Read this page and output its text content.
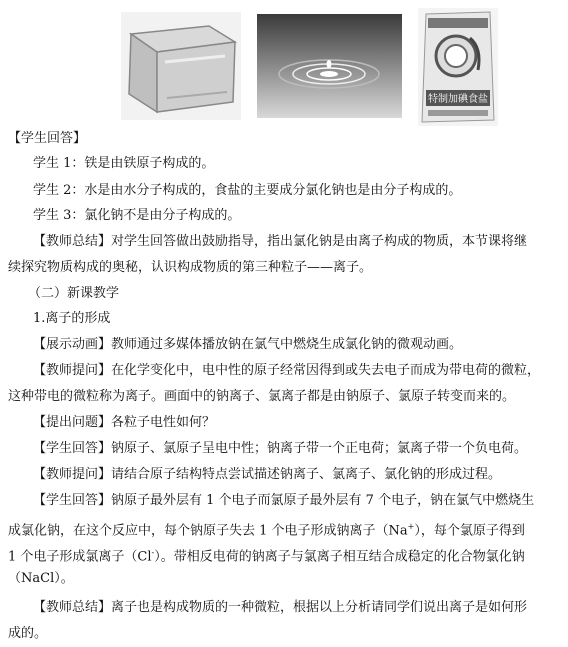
特制加碘食盐
【学生回答】
学生 1：铁是由铁原子构成的。
学生 2：水是由水分子构成的，食盐的主要成分氯化钠也是由分子构成的。
学生 3：氯化钠不是由分子构成的。
【教师总结】对学生回答做出鼓励指导，指出氯化钠是由离子构成的物质，本节课将继
续探究物质构成的奥秘，认识构成物质的第三种粒子——离子。
（二）新课教学
1.离子的形成
【展示动画】教师通过多媒体播放钠在氯气中燃烧生成氯化钠的微观动画。
【教师提问】在化学变化中，电中性的原子经常因得到或失去电子而成为带电荷的微粒，
这种带电的微粒称为离子。画面中的钠离子、氯离子都是由钠原子、氯原子转变而来的。
【提出问题】各粒子电性如何？
【学生回答】钠原子、氯原子呈电中性；钠离子带一个正电荷；氯离子带一个负电荷。
【教师提问】请结合原子结构特点尝试描述钠离子、氯离子、氯化钠的形成过程。
【学生回答】钠原子最外层有 1 个电子而氯原子最外层有 7 个电子，钠在氯气中燃烧生
成氯化钠，在这个反应中，每个钠原子失去 1 个电子形成钠离子（Na+），每个氯原子得到
1 个电子形成氯离子（Cl-）。带相反电荷的钠离子与氯离子相互结合成稳定的化合物氯化钠
（NaCl）。
【教师总结】离子也是构成物质的一种微粒，根据以上分析请同学们说出离子是如何形
成的。
